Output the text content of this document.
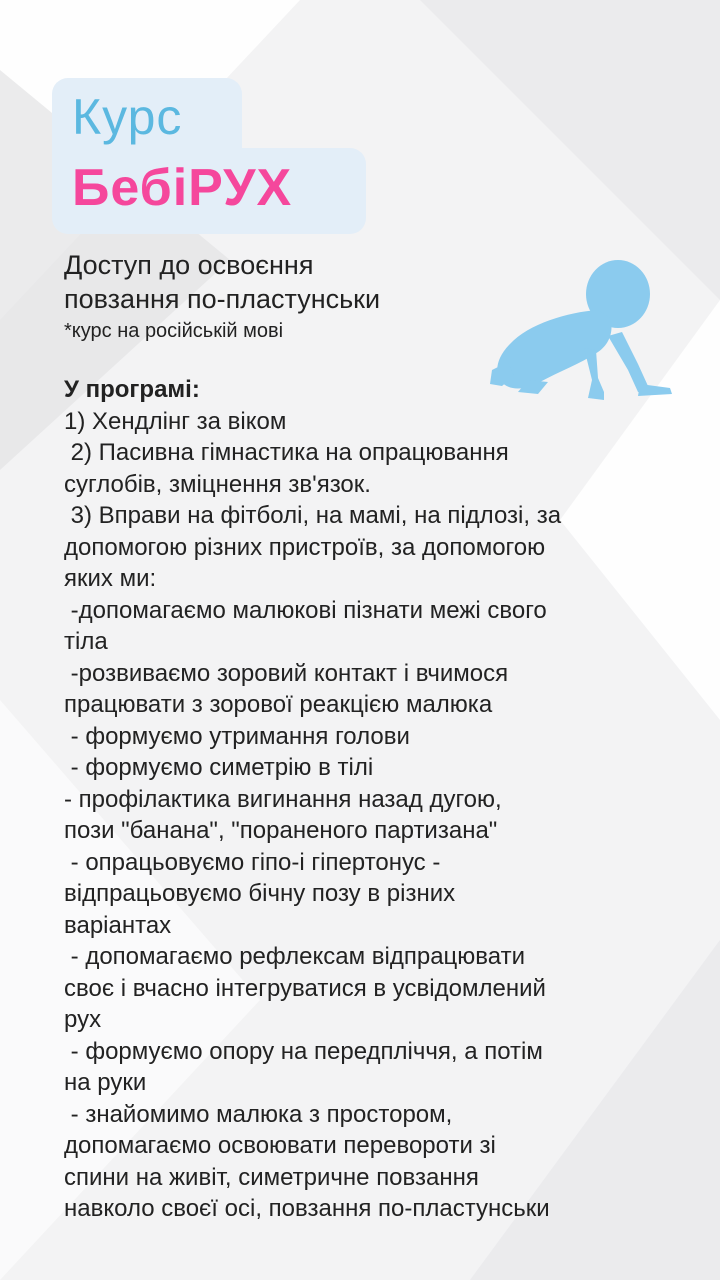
Курс
БебіРУХ
Доступ до освоєння
повзання по-пластунськи
*курс на російській мові
У програмі:
1) Хендлінг за віком
2) Пасивна гімнастика на опрацювання
суглобів, зміцнення зв'язок.
3) Вправи на фітболі, на мамі, на підлозі, за
допомогою різних пристроїв, за допомогою
яких ми:
-допомагаємо малюкові пізнати межі свого
тіла
-розвиваємо зоровий контакт і вчимося
працювати з зорової реакцією малюка
- формуємо утримання голови
- формуємо симетрію в тілі
- профілактика вигинання назад дугою,
пози "банана", "пораненого партизана"
- опрацьовуємо гіпо-і гіпертонус -
відпрацьовуємо бічну позу в різних
варіантах
- допомагаємо рефлексам відпрацювати
своє і вчасно інтегруватися в усвідомлений
рух
- формуємо опору на передпліччя, а потім
на руки
- знайомимо малюка з простором,
допомагаємо освоювати перевороти зі
спини на живіт, симетричне повзання
навколо своєї осі, повзання по-пластунськи
